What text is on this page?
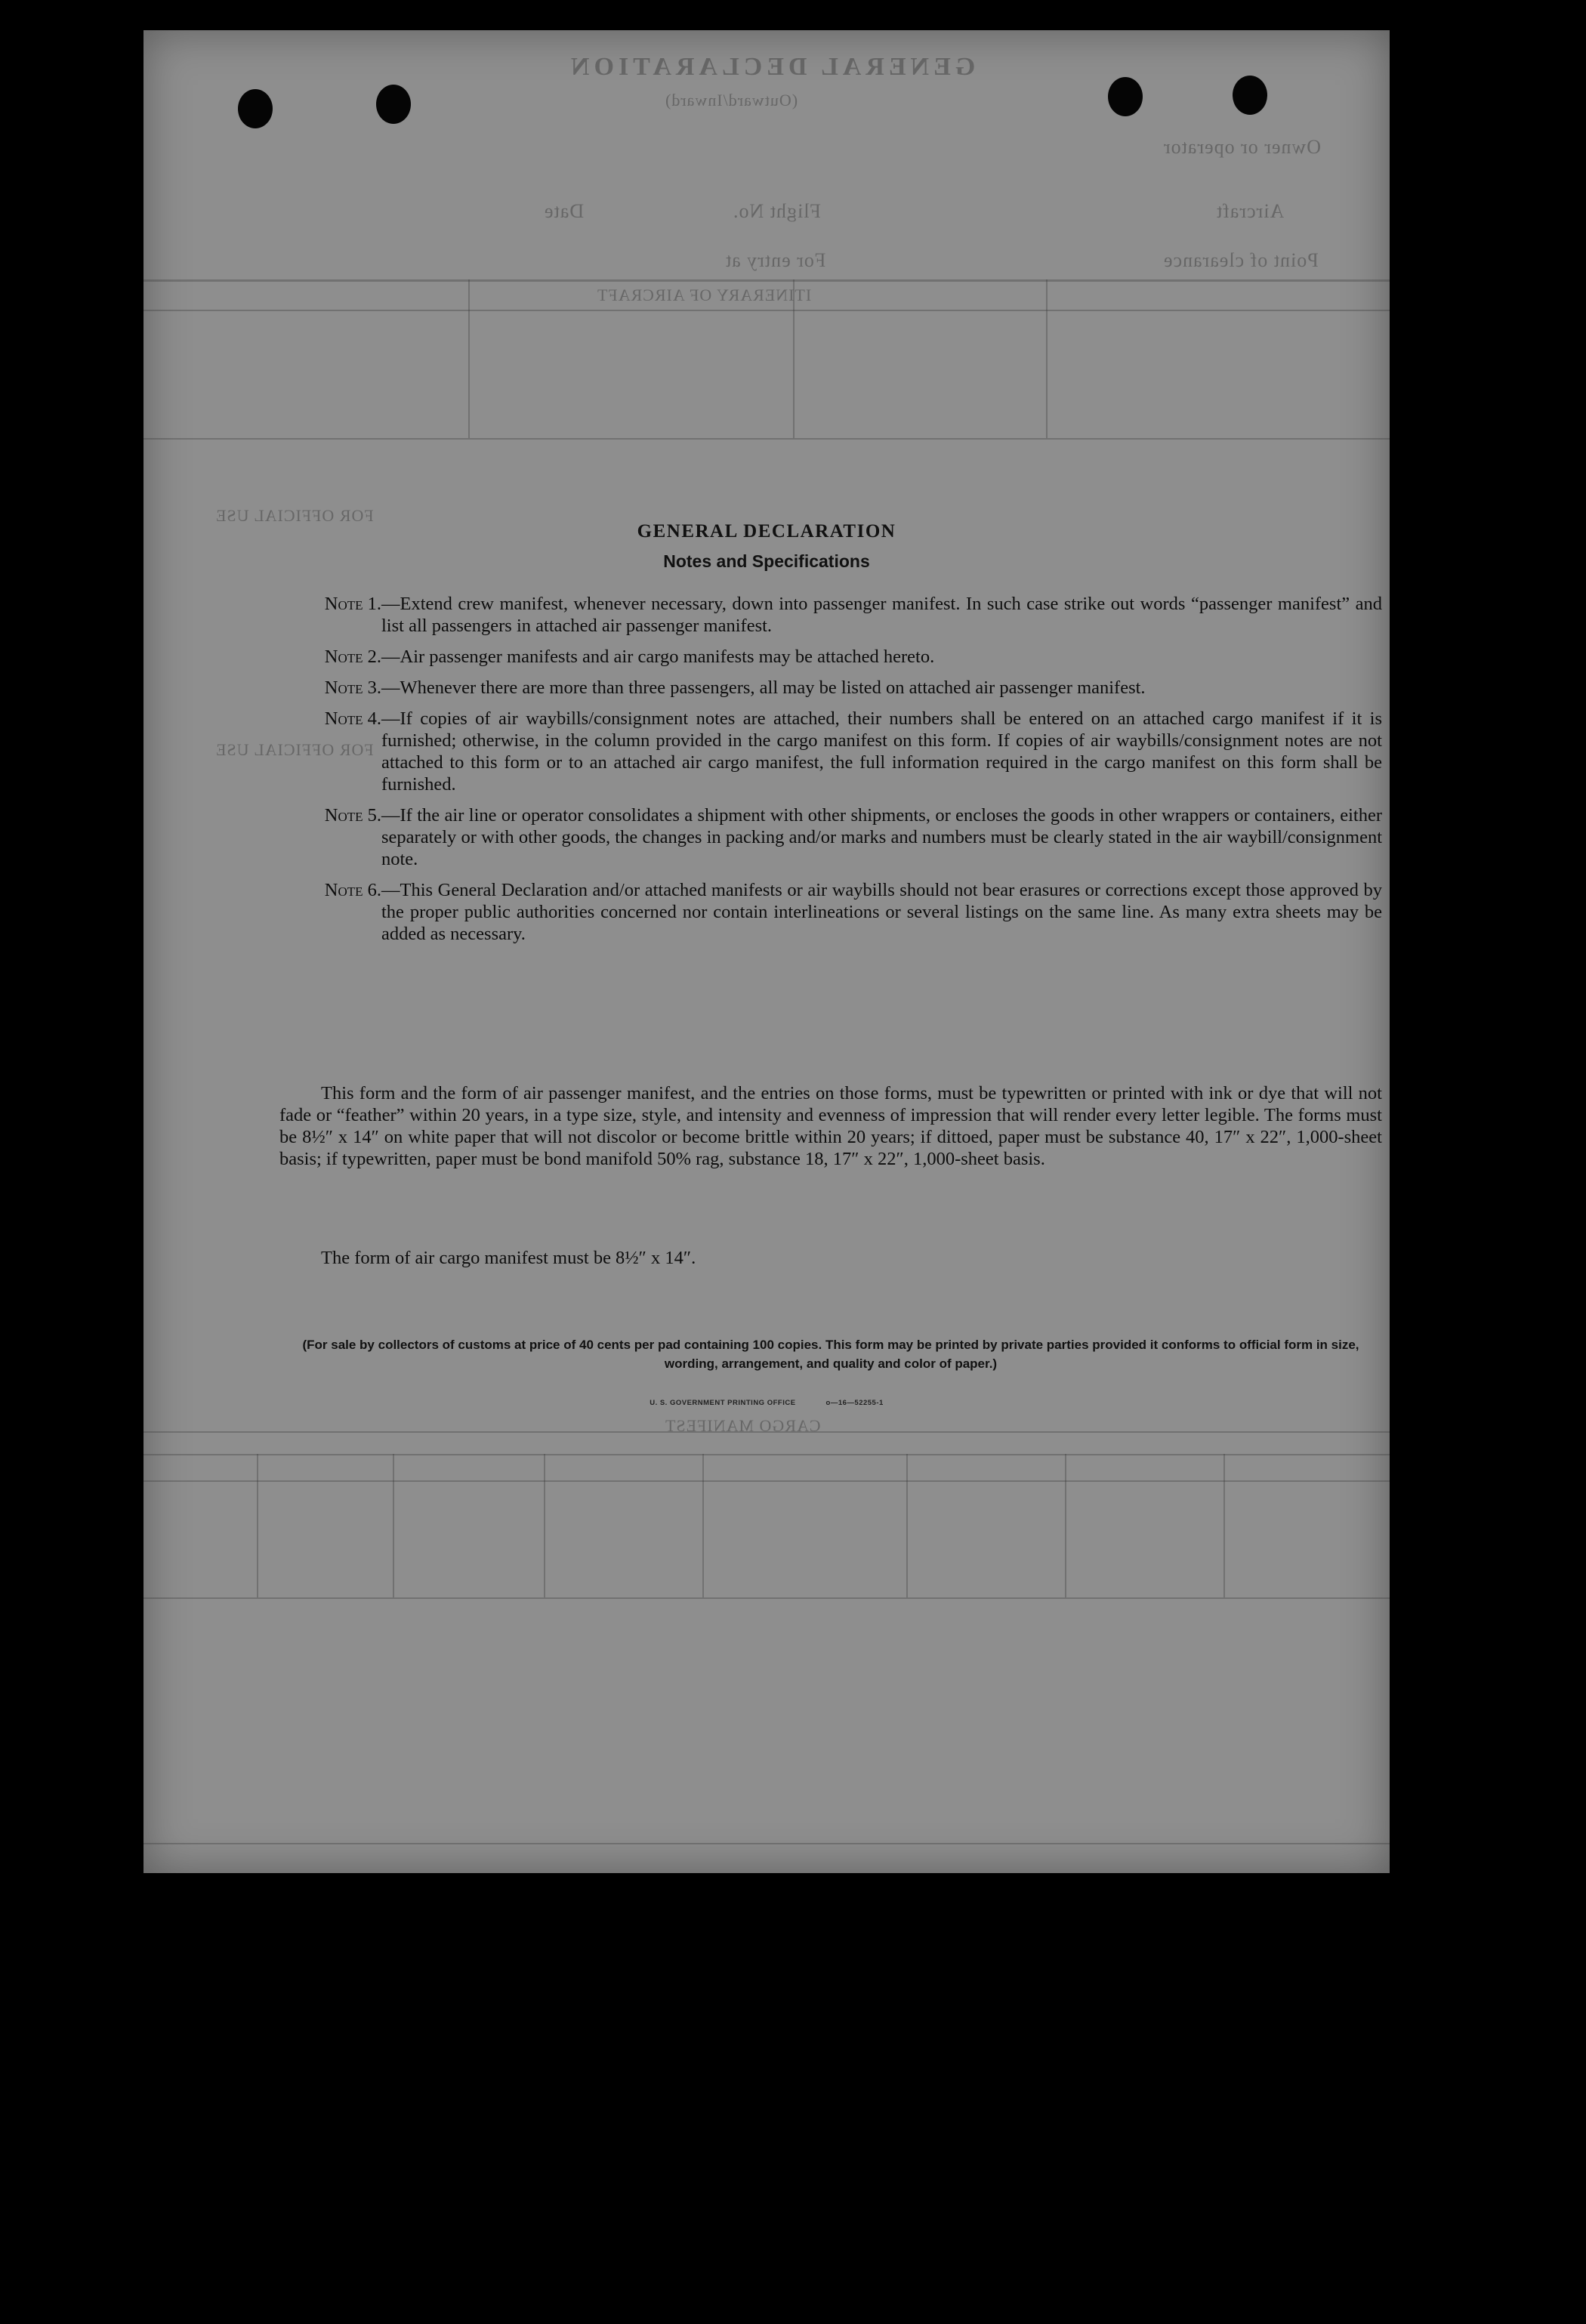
GENERAL DECLARATION
(Outward/Inward)
Owner or operator
Aircraft
Flight No.
Date
Point of clearance
For entry at
ITINERARY OF AIRCRAFT
FOR OFFICIAL USE
FOR OFFICIAL USE
CARGO MANIFEST
GENERAL DECLARATION
Notes and Specifications
Note 1. —Extend crew manifest, whenever necessary, down into passenger manifest. In such case strike out words “passenger manifest” and list all passengers in attached air passenger manifest.
Note 2. —Air passenger manifests and air cargo manifests may be attached hereto.
Note 3. —Whenever there are more than three passengers, all may be listed on attached air passenger manifest.
Note 4. —If copies of air waybills/consignment notes are attached, their numbers shall be entered on an attached cargo manifest if it is furnished; otherwise, in the column provided in the cargo manifest on this form. If copies of air waybills/consignment notes are not attached to this form or to an attached air cargo manifest, the full information required in the cargo manifest on this form shall be furnished.
Note 5. —If the air line or operator consolidates a shipment with other shipments, or encloses the goods in other wrappers or containers, either separately or with other goods, the changes in packing and/or marks and numbers must be clearly stated in the air waybill/consignment note.
Note 6. —This General Declaration and/or attached manifests or air waybills should not bear erasures or corrections except those approved by the proper public authorities concerned nor contain interlineations or several listings on the same line. As many extra sheets may be added as necessary.
This form and the form of air passenger manifest, and the entries on those forms, must be typewritten or printed with ink or dye that will not fade or “feather” within 20 years, in a type size, style, and intensity and evenness of impression that will render every letter legible. The forms must be 8½″ x 14″ on white paper that will not discolor or become brittle within 20 years; if dittoed, paper must be substance 40, 17″ x 22″, 1,000-sheet basis; if typewritten, paper must be bond manifold 50% rag, substance 18, 17″ x 22″, 1,000-sheet basis.
The form of air cargo manifest must be 8½″ x 14″.
(For sale by collectors of customs at price of 40 cents per pad containing 100 copies. This form may be printed by private parties provided it conforms to official form in size, wording, arrangement, and quality and color of paper.)
U. S. GOVERNMENT PRINTING OFFICE	o—16—52255-1
